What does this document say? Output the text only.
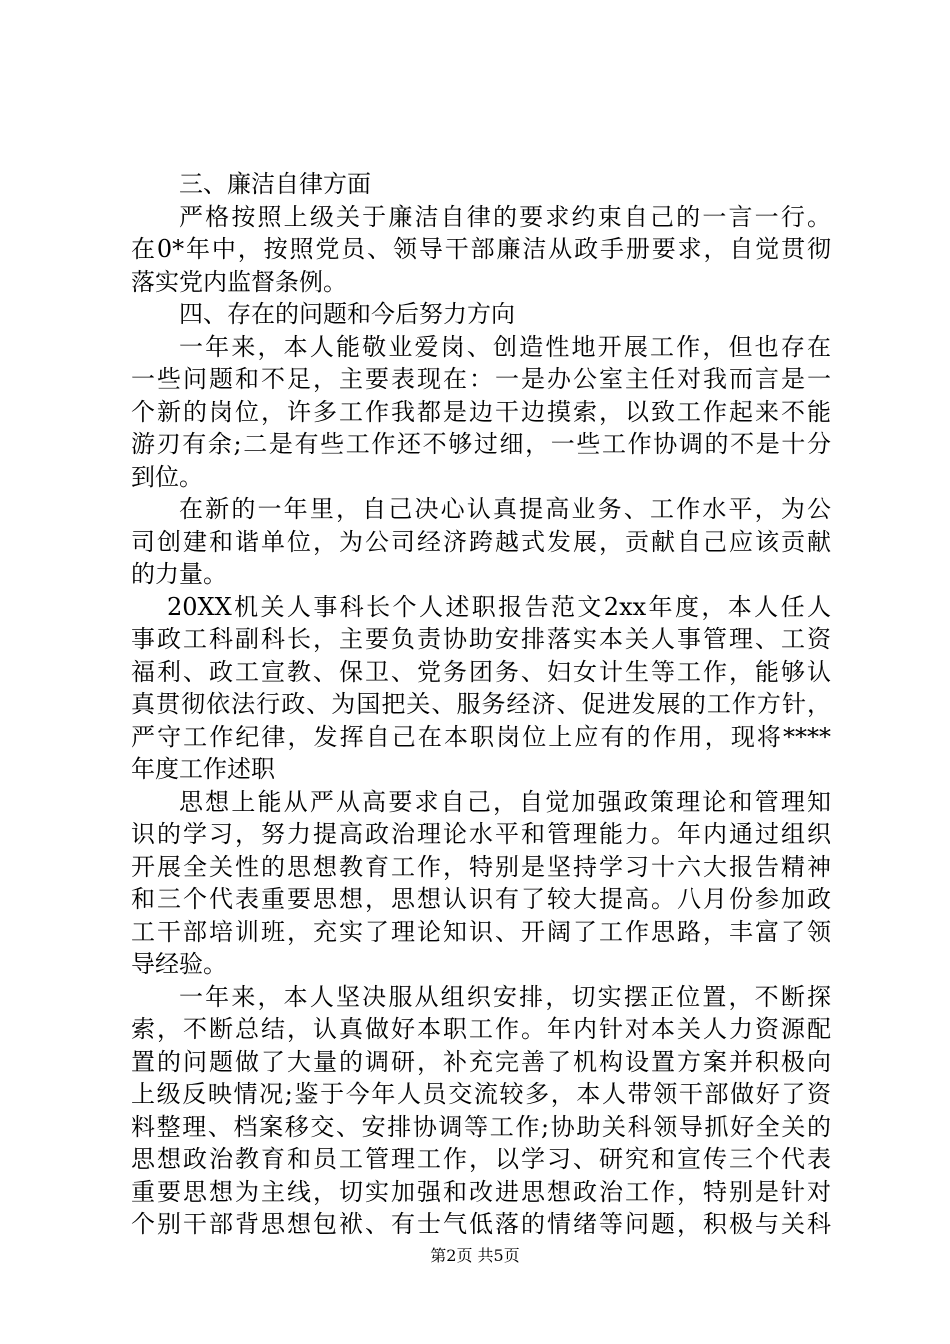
三、廉洁自律方面
严格按照上级关于廉洁自律的要求约束自己的一言一行。
在0*年中，按照党员、领导干部廉洁从政手册要求，自觉贯彻
落实党内监督条例。
四、存在的问题和今后努力方向
一年来，本人能敬业爱岗、创造性地开展工作，但也存在
一些问题和不足，主要表现在：一是办公室主任对我而言是一
个新的岗位，许多工作我都是边干边摸索，以致工作起来不能
游刃有余;二是有些工作还不够过细，一些工作协调的不是十分
到位。
在新的一年里，自己决心认真提高业务、工作水平，为公
司创建和谐单位，为公司经济跨越式发展，贡献自己应该贡献
的力量。
20XX机关人事科长个人述职报告范文2xx年度，本人任人
事政工科副科长，主要负责协助安排落实本关人事管理、工资
福利、政工宣教、保卫、党务团务、妇女计生等工作，能够认
真贯彻依法行政、为国把关、服务经济、促进发展的工作方针，
严守工作纪律，发挥自己在本职岗位上应有的作用，现将****
年度工作述职
思想上能从严从高要求自己，自觉加强政策理论和管理知
识的学习，努力提高政治理论水平和管理能力。年内通过组织
开展全关性的思想教育工作，特别是坚持学习十六大报告精神
和三个代表重要思想，思想认识有了较大提高。八月份参加政
工干部培训班，充实了理论知识、开阔了工作思路，丰富了领
导经验。
一年来，本人坚决服从组织安排，切实摆正位置，不断探
索，不断总结，认真做好本职工作。年内针对本关人力资源配
置的问题做了大量的调研，补充完善了机构设置方案并积极向
上级反映情况;鉴于今年人员交流较多，本人带领干部做好了资
料整理、档案移交、安排协调等工作;协助关科领导抓好全关的
思想政治教育和员工管理工作，以学习、研究和宣传三个代表
重要思想为主线，切实加强和改进思想政治工作，特别是针对
个别干部背思想包袱、有士气低落的情绪等问题，积极与关科
第2页 共5页
